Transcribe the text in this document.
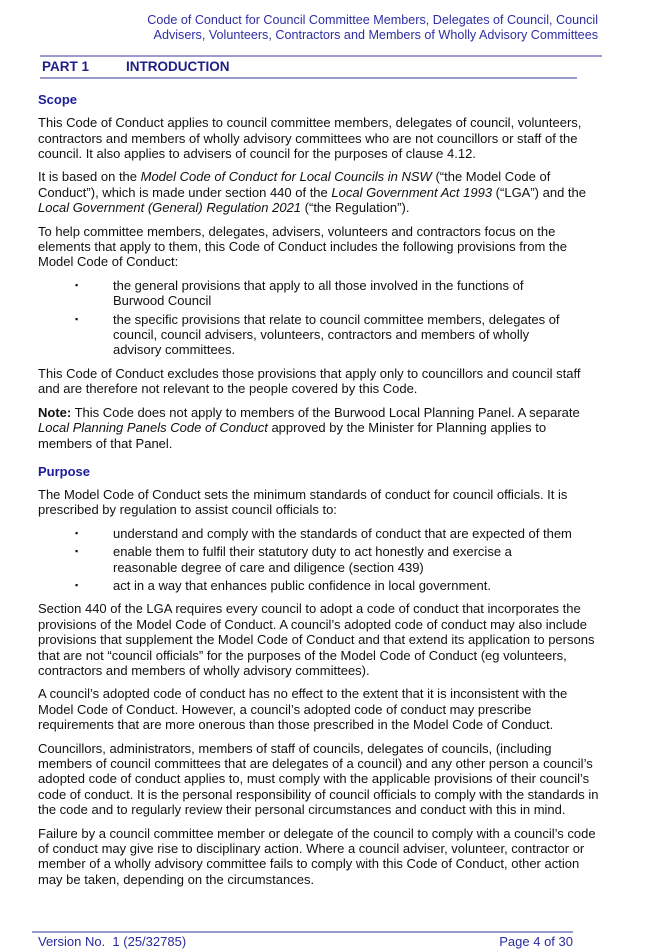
Code of Conduct for Council Committee Members, Delegates of Council, Council
Advisers, Volunteers, Contractors and Members of Wholly Advisory Committees
PART 1	INTRODUCTION
Scope
This Code of Conduct applies to council committee members, delegates of council, volunteers, contractors and members of wholly advisory committees who are not councillors or staff of the council. It also applies to advisers of council for the purposes of clause 4.12.
It is based on the Model Code of Conduct for Local Councils in NSW (“the Model Code of Conduct”), which is made under section 440 of the Local Government Act 1993 (“LGA”) and the Local Government (General) Regulation 2021 (“the Regulation”).
To help committee members, delegates, advisers, volunteers and contractors focus on the elements that apply to them, this Code of Conduct includes the following provisions from the Model Code of Conduct:
▪	the general provisions that apply to all those involved in the functions of Burwood Council
▪	the specific provisions that relate to council committee members, delegates of council, council advisers, volunteers, contractors and members of wholly advisory committees.
This Code of Conduct excludes those provisions that apply only to councillors and council staff and are therefore not relevant to the people covered by this Code.
Note: This Code does not apply to members of the Burwood Local Planning Panel. A separate Local Planning Panels Code of Conduct approved by the Minister for Planning applies to members of that Panel.
Purpose
The Model Code of Conduct sets the minimum standards of conduct for council officials. It is prescribed by regulation to assist council officials to:
▪	understand and comply with the standards of conduct that are expected of them
▪	enable them to fulfil their statutory duty to act honestly and exercise a reasonable degree of care and diligence (section 439)
▪	act in a way that enhances public confidence in local government.
Section 440 of the LGA requires every council to adopt a code of conduct that incorporates the provisions of the Model Code of Conduct. A council’s adopted code of conduct may also include provisions that supplement the Model Code of Conduct and that extend its application to persons that are not “council officials” for the purposes of the Model Code of Conduct (eg volunteers, contractors and members of wholly advisory committees).
A council’s adopted code of conduct has no effect to the extent that it is inconsistent with the Model Code of Conduct. However, a council’s adopted code of conduct may prescribe requirements that are more onerous than those prescribed in the Model Code of Conduct.
Councillors, administrators, members of staff of councils, delegates of councils, (including members of council committees that are delegates of a council) and any other person a council’s adopted code of conduct applies to, must comply with the applicable provisions of their council’s code of conduct. It is the personal responsibility of council officials to comply with the standards in the code and to regularly review their personal circumstances and conduct with this in mind.
Failure by a council committee member or delegate of the council to comply with a council’s code of conduct may give rise to disciplinary action. Where a council adviser, volunteer, contractor or member of a wholly advisory committee fails to comply with this Code of Conduct, other action may be taken, depending on the circumstances.
Version No.  1 (25/32785)	Page 4 of 30
